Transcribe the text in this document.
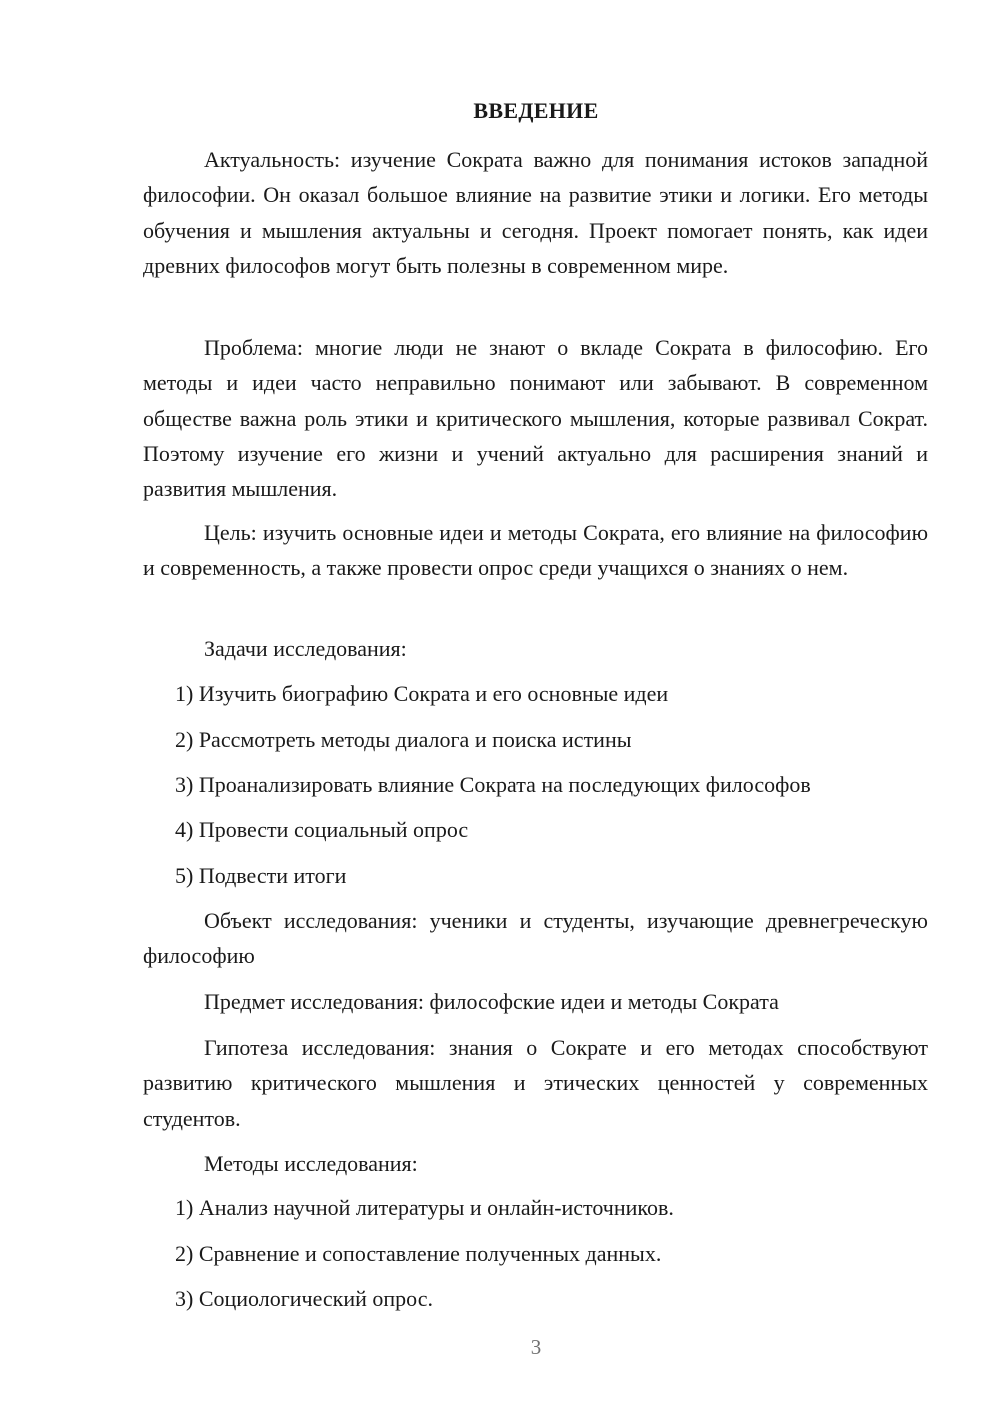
ВВЕДЕНИЕ

Актуальность: изучение Сократа важно для понимания истоков западной философии. Он оказал большое влияние на развитие этики и логики. Его методы обучения и мышления актуальны и сегодня. Проект помогает понять, как идеи древних философов могут быть полезны в современном мире.

Проблема: многие люди не знают о вкладе Сократа в философию. Его методы и идеи часто неправильно понимают или забывают. В современном обществе важна роль этики и критического мышления, которые развивал Сократ. Поэтому изучение его жизни и учений актуально для расширения знаний и развития мышления.

Цель: изучить основные идеи и методы Сократа, его влияние на философию и современность, а также провести опрос среди учащихся о знаниях о нем.

Задачи исследования:
1) Изучить биографию Сократа и его основные идеи
2) Рассмотреть методы диалога и поиска истины
3) Проанализировать влияние Сократа на последующих философов
4) Провести социальный опрос
5) Подвести итоги

Объект исследования: ученики и студенты, изучающие древнегреческую философию

Предмет исследования: философские идеи и методы Сократа

Гипотеза исследования: знания о Сократе и его методах способствуют развитию критического мышления и этических ценностей у современных студентов.

Методы исследования:
1) Анализ научной литературы и онлайн-источников.
2) Сравнение и сопоставление полученных данных.
3) Социологический опрос.
3
